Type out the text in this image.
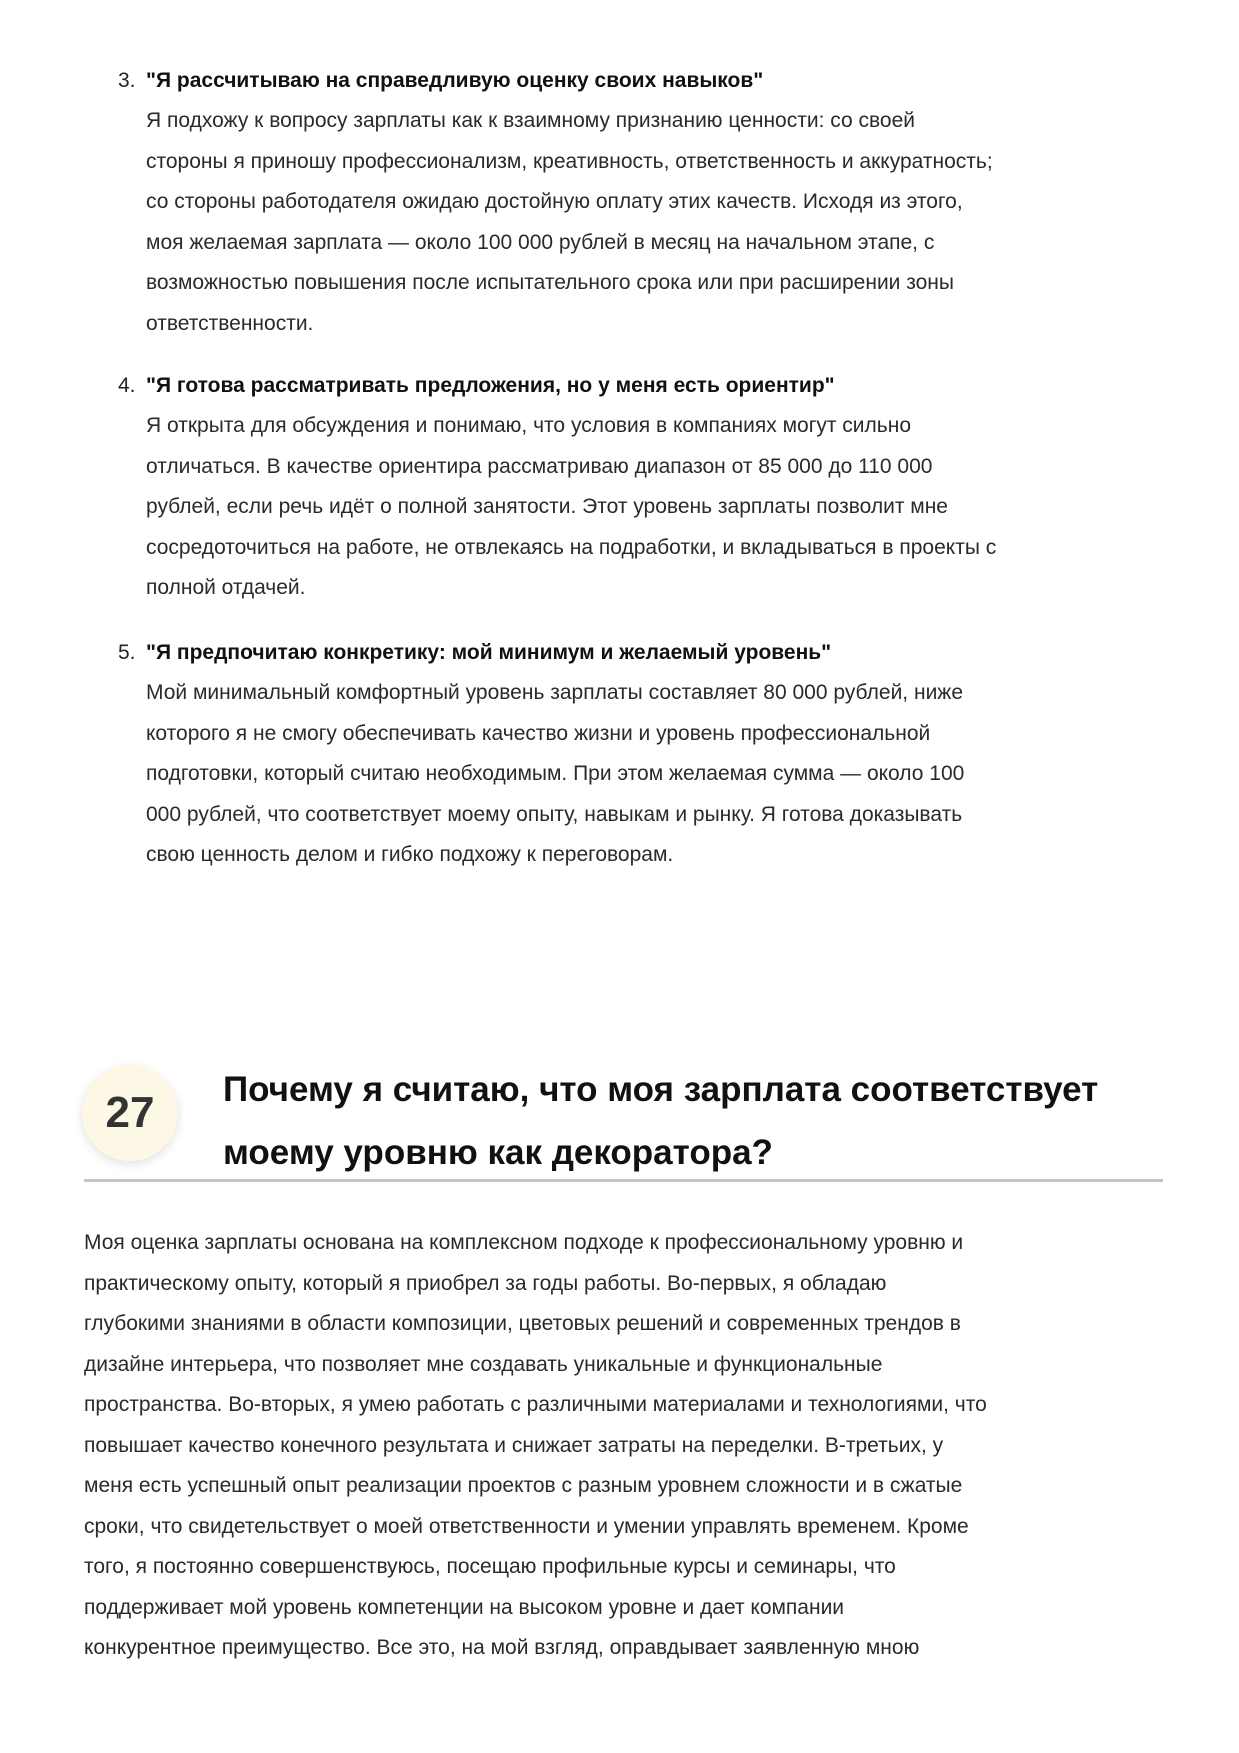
3. "Я рассчитываю на справедливую оценку своих навыков"
Я подхожу к вопросу зарплаты как к взаимному признанию ценности: со своей
стороны я приношу профессионализм, креативность, ответственность и аккуратность;
со стороны работодателя ожидаю достойную оплату этих качеств. Исходя из этого,
моя желаемая зарплата — около 100 000 рублей в месяц на начальном этапе, с
возможностью повышения после испытательного срока или при расширении зоны
ответственности.
4. "Я готова рассматривать предложения, но у меня есть ориентир"
Я открыта для обсуждения и понимаю, что условия в компаниях могут сильно
отличаться. В качестве ориентира рассматриваю диапазон от 85 000 до 110 000
рублей, если речь идёт о полной занятости. Этот уровень зарплаты позволит мне
сосредоточиться на работе, не отвлекаясь на подработки, и вкладываться в проекты с
полной отдачей.
5. "Я предпочитаю конкретику: мой минимум и желаемый уровень"
Мой минимальный комфортный уровень зарплаты составляет 80 000 рублей, ниже
которого я не смогу обеспечивать качество жизни и уровень профессиональной
подготовки, который считаю необходимым. При этом желаемая сумма — около 100
000 рублей, что соответствует моему опыту, навыкам и рынку. Я готова доказывать
свою ценность делом и гибко подхожу к переговорам.
27	Почему я считаю, что моя зарплата соответствует
моему уровню как декоратора?
Моя оценка зарплаты основана на комплексном подходе к профессиональному уровню и
практическому опыту, который я приобрел за годы работы. Во-первых, я обладаю
глубокими знаниями в области композиции, цветовых решений и современных трендов в
дизайне интерьера, что позволяет мне создавать уникальные и функциональные
пространства. Во-вторых, я умею работать с различными материалами и технологиями, что
повышает качество конечного результата и снижает затраты на переделки. В-третьих, у
меня есть успешный опыт реализации проектов с разным уровнем сложности и в сжатые
сроки, что свидетельствует о моей ответственности и умении управлять временем. Кроме
того, я постоянно совершенствуюсь, посещаю профильные курсы и семинары, что
поддерживает мой уровень компетенции на высоком уровне и дает компании
конкурентное преимущество. Все это, на мой взгляд, оправдывает заявленную мною
